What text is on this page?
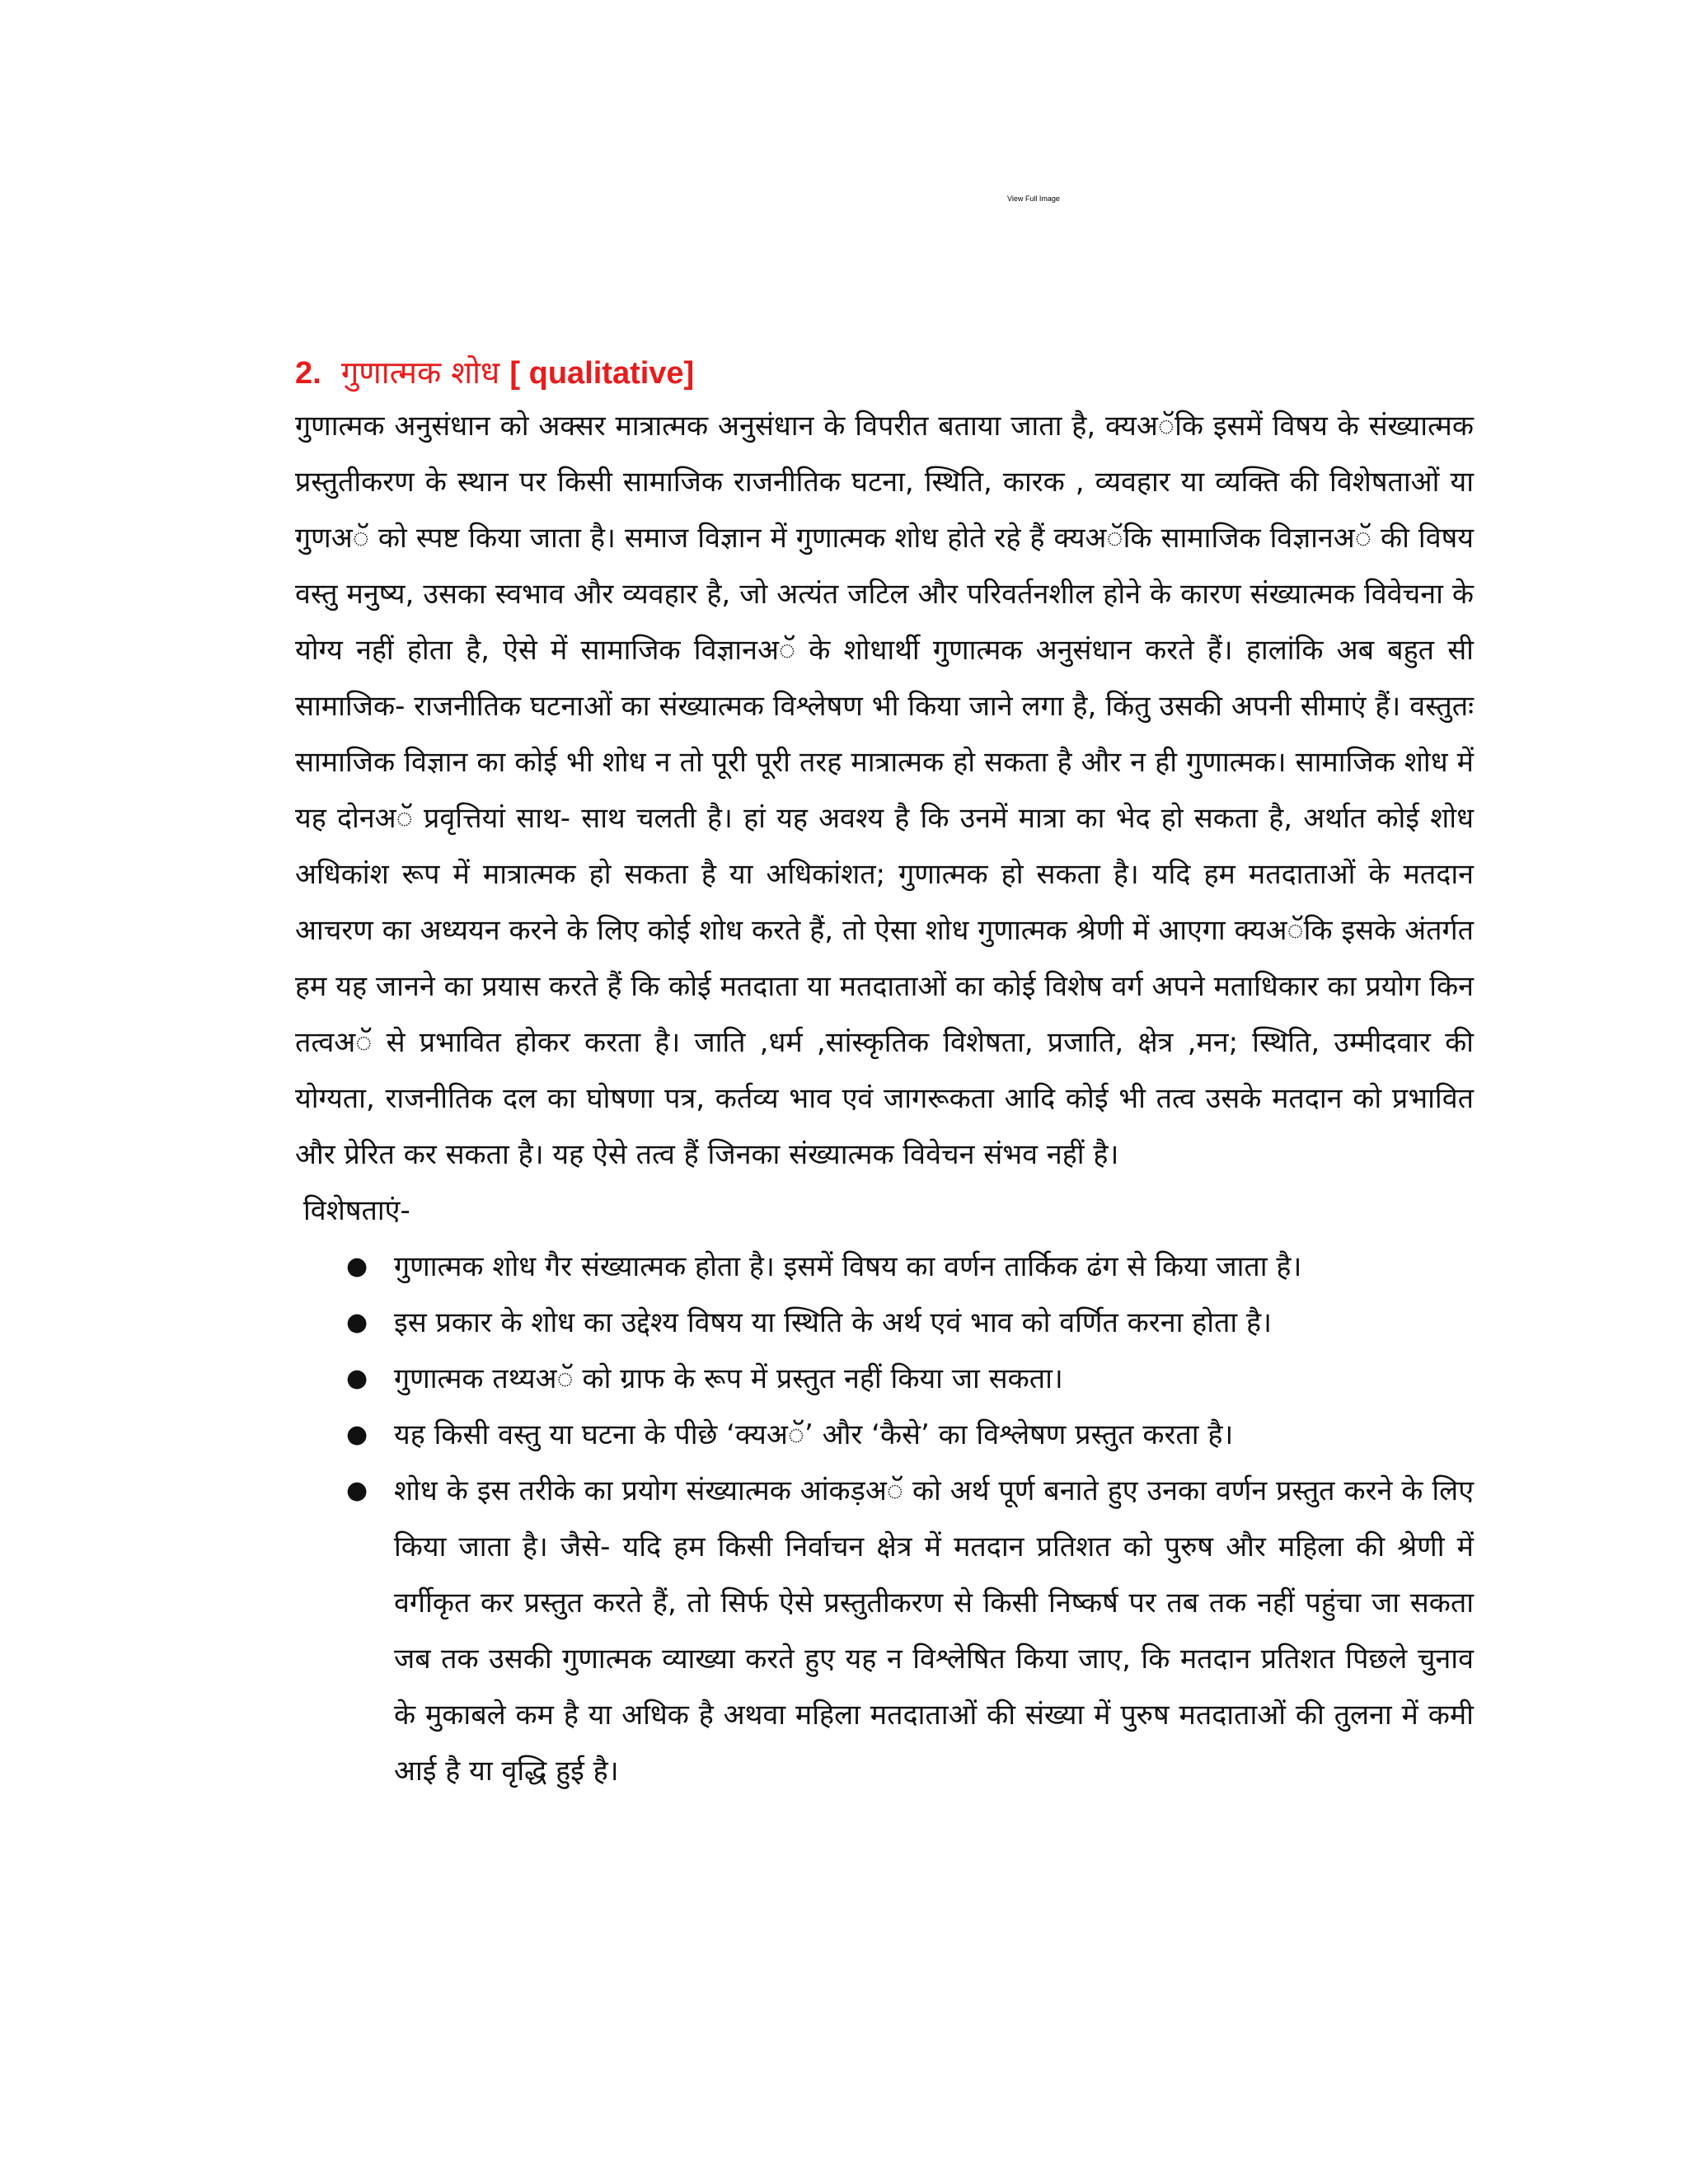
View Full Image
2. गुणात्मक शोध [ qualitative]

गुणात्मक अनुसंधान को अक्सर मात्रात्मक अनुसंधान के विपरीत बताया जाता है, क्यअॅकि इसमें विषय के संख्यात्मक प्रस्तुतीकरण के स्थान पर किसी सामाजिक राजनीतिक घटना, स्थिति, कारक , व्यवहार या व्यक्ति की विशेषताओं या गुणअॅ को स्पष्ट किया जाता है। समाज विज्ञान में गुणात्मक शोध होते रहे हैं क्यअॅकि सामाजिक विज्ञानअॅ की विषय वस्तु मनुष्य, उसका स्वभाव और व्यवहार है, जो अत्यंत जटिल और परिवर्तनशील होने के कारण संख्यात्मक विवेचना के योग्य नहीं होता है, ऐसे में सामाजिक विज्ञानअॅ के शोधार्थी गुणात्मक अनुसंधान करते हैं। हालांकि अब बहुत सी सामाजिक- राजनीतिक घटनाओं का संख्यात्मक विश्लेषण भी किया जाने लगा है, किंतु उसकी अपनी सीमाएं हैं। वस्तुतः सामाजिक विज्ञान का कोई भी शोध न तो पूरी पूरी तरह मात्रात्मक हो सकता है और न ही गुणात्मक। सामाजिक शोध में यह दोनअॅ प्रवृत्तियां साथ- साथ चलती है। हां यह अवश्य है कि उनमें मात्रा का भेद हो सकता है, अर्थात कोई शोध अधिकांश रूप में मात्रात्मक हो सकता है या अधिकांशत; गुणात्मक हो सकता है। यदि हम मतदाताओं के मतदान आचरण का अध्ययन करने के लिए कोई शोध करते हैं, तो ऐसा शोध गुणात्मक श्रेणी में आएगा क्यअॅकि इसके अंतर्गत हम यह जानने का प्रयास करते हैं कि कोई मतदाता या मतदाताओं का कोई विशेष वर्ग अपने मताधिकार का प्रयोग किन तत्वअॅ से प्रभावित होकर करता है। जाति ,धर्म ,सांस्कृतिक विशेषता, प्रजाति, क्षेत्र ,मन; स्थिति, उम्मीदवार की योग्यता, राजनीतिक दल का घोषणा पत्र, कर्तव्य भाव एवं जागरूकता आदि कोई भी तत्व उसके मतदान को प्रभावित और प्रेरित कर सकता है। यह ऐसे तत्व हैं जिनका संख्यात्मक विवेचन संभव नहीं है।

विशेषताएं-

● गुणात्मक शोध गैर संख्यात्मक होता है। इसमें विषय का वर्णन तार्किक ढंग से किया जाता है।
● इस प्रकार के शोध का उद्देश्य विषय या स्थिति के अर्थ एवं भाव को वर्णित करना होता है।
● गुणात्मक तथ्यअॅ को ग्राफ के रूप में प्रस्तुत नहीं किया जा सकता।
● यह किसी वस्तु या घटना के पीछे ‘क्यअॅ’ और ‘कैसे’ का विश्लेषण प्रस्तुत करता है।
● शोध के इस तरीके का प्रयोग संख्यात्मक आंकड़अॅ को अर्थ पूर्ण बनाते हुए उनका वर्णन प्रस्तुत करने के लिए किया जाता है। जैसे- यदि हम किसी निर्वाचन क्षेत्र में मतदान प्रतिशत को पुरुष और महिला की श्रेणी में वर्गीकृत कर प्रस्तुत करते हैं, तो सिर्फ ऐसे प्रस्तुतीकरण से किसी निष्कर्ष पर तब तक नहीं पहुंचा जा सकता जब तक उसकी गुणात्मक व्याख्या करते हुए यह न विश्लेषित किया जाए, कि मतदान प्रतिशत पिछले चुनाव के मुकाबले कम है या अधिक है अथवा महिला मतदाताओं की संख्या में पुरुष मतदाताओं की तुलना में कमी आई है या वृद्धि हुई है।
